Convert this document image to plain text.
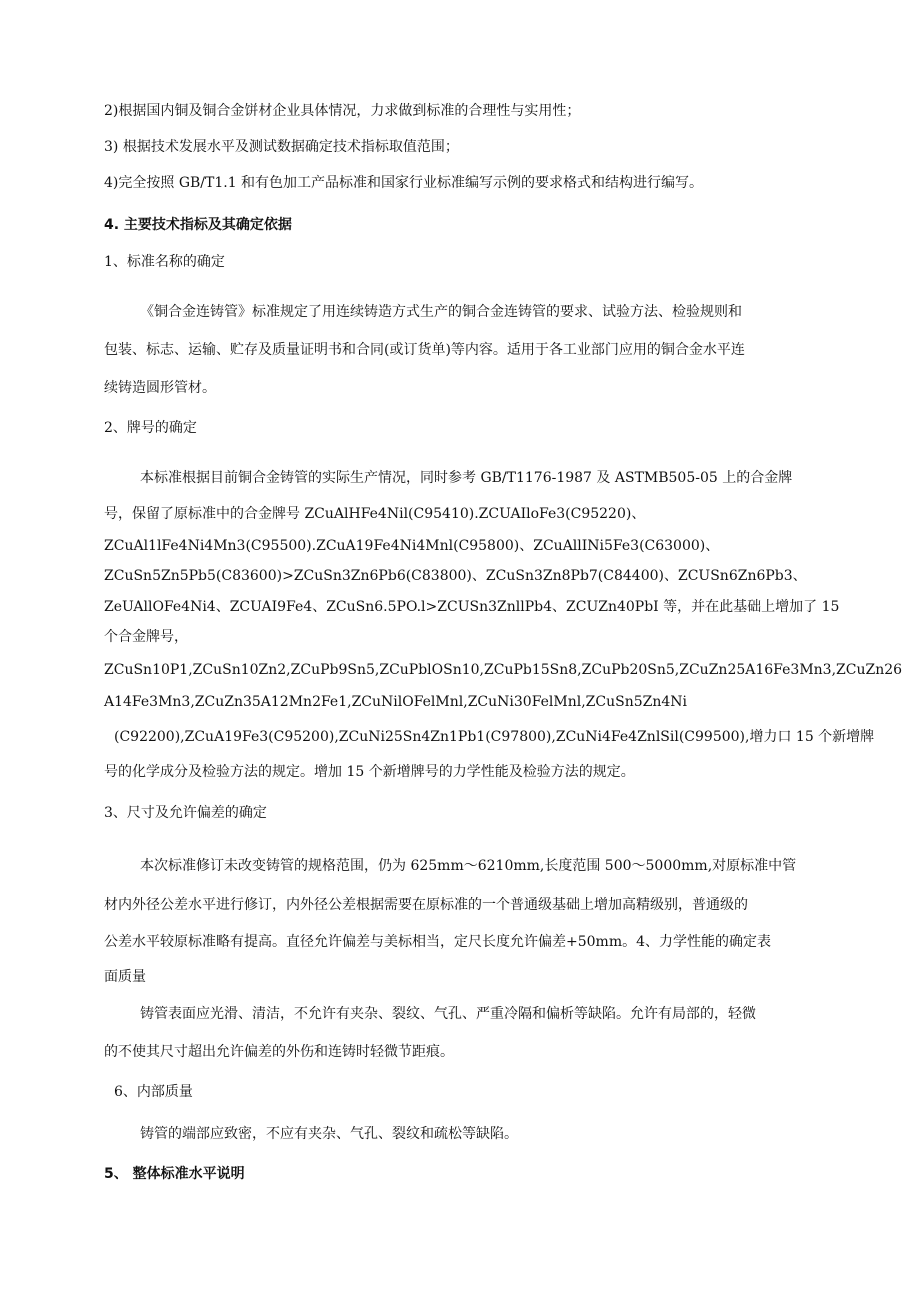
2)根据国内铜及铜合金饼材企业具体情况，力求做到标准的合理性与实用性；
3) 根据技术发展水平及测试数据确定技术指标取值范围；
4)完全按照 GB/T1.1 和有色加工产品标准和国家行业标准编写示例的要求格式和结构进行编写。
4. 主要技术指标及其确定依据
1、标准名称的确定
《铜合金连铸管》标准规定了用连续铸造方式生产的铜合金连铸管的要求、试验方法、检验规则和
包装、标志、运输、贮存及质量证明书和合同(或订货单)等内容。适用于各工业部门应用的铜合金水平连
续铸造圆形管材。
2、牌号的确定
本标准根据目前铜合金铸管的实际生产情况，同时参考 GB/T1176-1987 及 ASTMB505-05 上的合金牌
号，保留了原标准中的合金牌号 ZCuAlHFe4Nil(C95410).ZCUAIloFe3(C95220)、
ZCuAl1lFe4Ni4Mn3(C95500).ZCuA19Fe4Ni4Mnl(C95800)、ZCuAllINi5Fe3(C63000)、
ZCuSn5Zn5Pb5(C83600)>ZCuSn3Zn6Pb6(C83800)、ZCuSn3Zn8Pb7(C84400)、ZCUSn6Zn6Pb3、
ZeUAllOFe4Ni4、ZCUAI9Fe4、ZCuSn6.5PO.l>ZCUSn3ZnllPb4、ZCUZn40PbI 等，并在此基础上增加了 15
个合金牌号，
ZCuSn10P1,ZCuSn10Zn2,ZCuPb9Sn5,ZCuPblOSn10,ZCuPb15Sn8,ZCuPb20Sn5,ZCuZn25A16Fe3Mn3,ZCuZn26
A14Fe3Mn3,ZCuZn35A12Mn2Fe1,ZCuNilOFelMnl,ZCuNi30FelMnl,ZCuSn5Zn4Ni
(C92200),ZCuA19Fe3(C95200),ZCuNi25Sn4Zn1Pb1(C97800),ZCuNi4Fe4ZnlSil(C99500),增力口 15 个新增牌
号的化学成分及检验方法的规定。增加 15 个新增牌号的力学性能及检验方法的规定。
3、尺寸及允许偏差的确定
本次标准修订未改变铸管的规格范围，仍为 625mm～6210mm,长度范围 500～5000mm,对原标准中管
材内外径公差水平进行修订，内外径公差根据需要在原标准的一个普通级基础上增加高精级别，普通级的
公差水平较原标准略有提高。直径允许偏差与美标相当，定尺长度允许偏差+50mm。4、力学性能的确定表
面质量
铸管表面应光滑、清洁，不允许有夹杂、裂纹、气孔、严重冷隔和偏析等缺陷。允许有局部的，轻微
的不使其尺寸超出允许偏差的外伤和连铸时轻微节距痕。
6、内部质量
铸管的端部应致密，不应有夹杂、气孔、裂纹和疏松等缺陷。
5、 整体标准水平说明
